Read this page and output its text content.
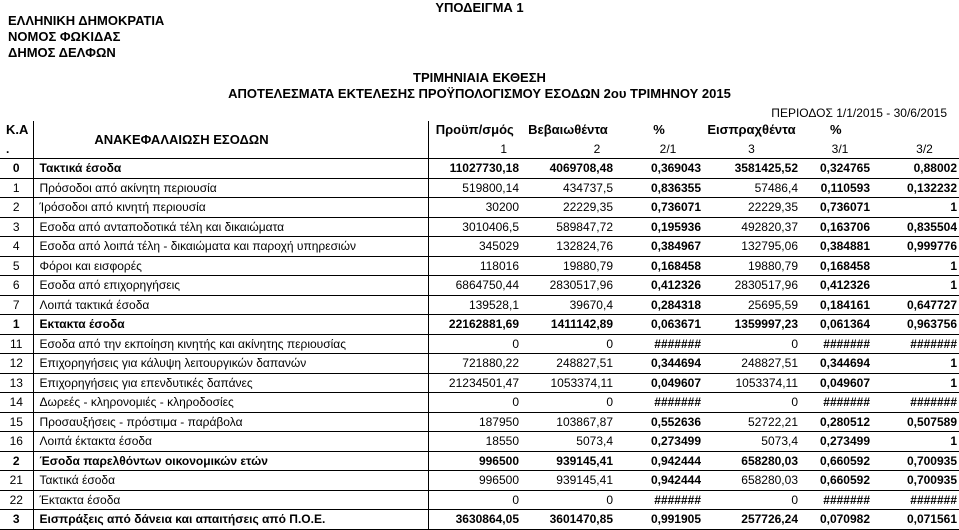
ΕΛΛΗΝΙΚΗ ΔΗΜΟΚΡΑΤΙΑ
ΝΟΜΟΣ ΦΩΚΙΔΑΣ
ΔΗΜΟΣ ΔΕΛΦΩΝ
ΥΠΟΔΕΙΓΜΑ 1
ΤΡΙΜΗΝΙΑΙΑ ΕΚΘΕΣΗ
ΑΠΟΤΕΛΕΣΜΑΤΑ ΕΚΤΕΛΕΣΗΣ ΠΡΟΫΠΟΛΟΓΙΣΜΟΥ ΕΣΟΔΩΝ 2ου ΤΡΙΜΗΝΟΥ 2015
ΠΕΡΙΟΔΟΣ 1/1/2015 - 30/6/2015
Κ.Α	ΑΝΑΚΕΦΑΛΑΙΩΣΗ ΕΣΟΔΩΝ	Προϋπ/σμός	Βεβαιωθέντα	%	Εισπραχθέντα	%	
.		1	2	2/1	3	3/1	3/2
0	Τακτικά έσοδα	11027730,18	4069708,48	0,369043	3581425,52	0,324765	0,88002
1	Πρόσοδοι από ακίνητη περιουσία	519800,14	434737,5	0,836355	57486,4	0,110593	0,132232
2	Ίρόσοδοι από κινητή περιουσία	30200	22229,35	0,736071	22229,35	0,736071	1
3	Εσοδα από ανταποδοτικά τέλη και δικαιώματα	3010406,5	589847,72	0,195936	492820,37	0,163706	0,835504
4	Εσοδα από λοιπά τέλη - δικαιώματα και παροχή υπηρεσιών	345029	132824,76	0,384967	132795,06	0,384881	0,999776
5	Φόροι και εισφορές	118016	19880,79	0,168458	19880,79	0,168458	1
6	Εσοδα από επιχορηγήσεις	6864750,44	2830517,96	0,412326	2830517,96	0,412326	1
7	Λοιπά τακτικά έσοδα	139528,1	39670,4	0,284318	25695,59	0,184161	0,647727
1	Εκτακτα έσοδα	22162881,69	1411142,89	0,063671	1359997,23	0,061364	0,963756
11	Εσοδα από την εκποίηση κινητής και ακίνητης περιουσίας	0	0	#######	0	#######	#######
12	Επιχορηγήσεις για κάλυψη λειτουργικών δαπανών	721880,22	248827,51	0,344694	248827,51	0,344694	1
13	Επιχορηγήσεις για επενδυτικές δαπάνες	21234501,47	1053374,11	0,049607	1053374,11	0,049607	1
14	Δωρεές - κληρονομιές - κληροδοσίες	0	0	#######	0	#######	#######
15	Προσαυξήσεις - πρόστιμα - παράβολα	187950	103867,87	0,552636	52722,21	0,280512	0,507589
16	Λοιπά έκτακτα έσοδα	18550	5073,4	0,273499	5073,4	0,273499	1
2	Έσοδα παρελθόντων οικονομικών ετών	996500	939145,41	0,942444	658280,03	0,660592	0,700935
21	Τακτικά έσοδα	996500	939145,41	0,942444	658280,03	0,660592	0,700935
22	Έκτακτα έσοδα	0	0	#######	0	#######	#######
3	Εισπράξεις από δάνεια και απαιτήσεις από Π.Ο.Ε.	3630864,05	3601470,85	0,991905	257726,24	0,070982	0,071561
